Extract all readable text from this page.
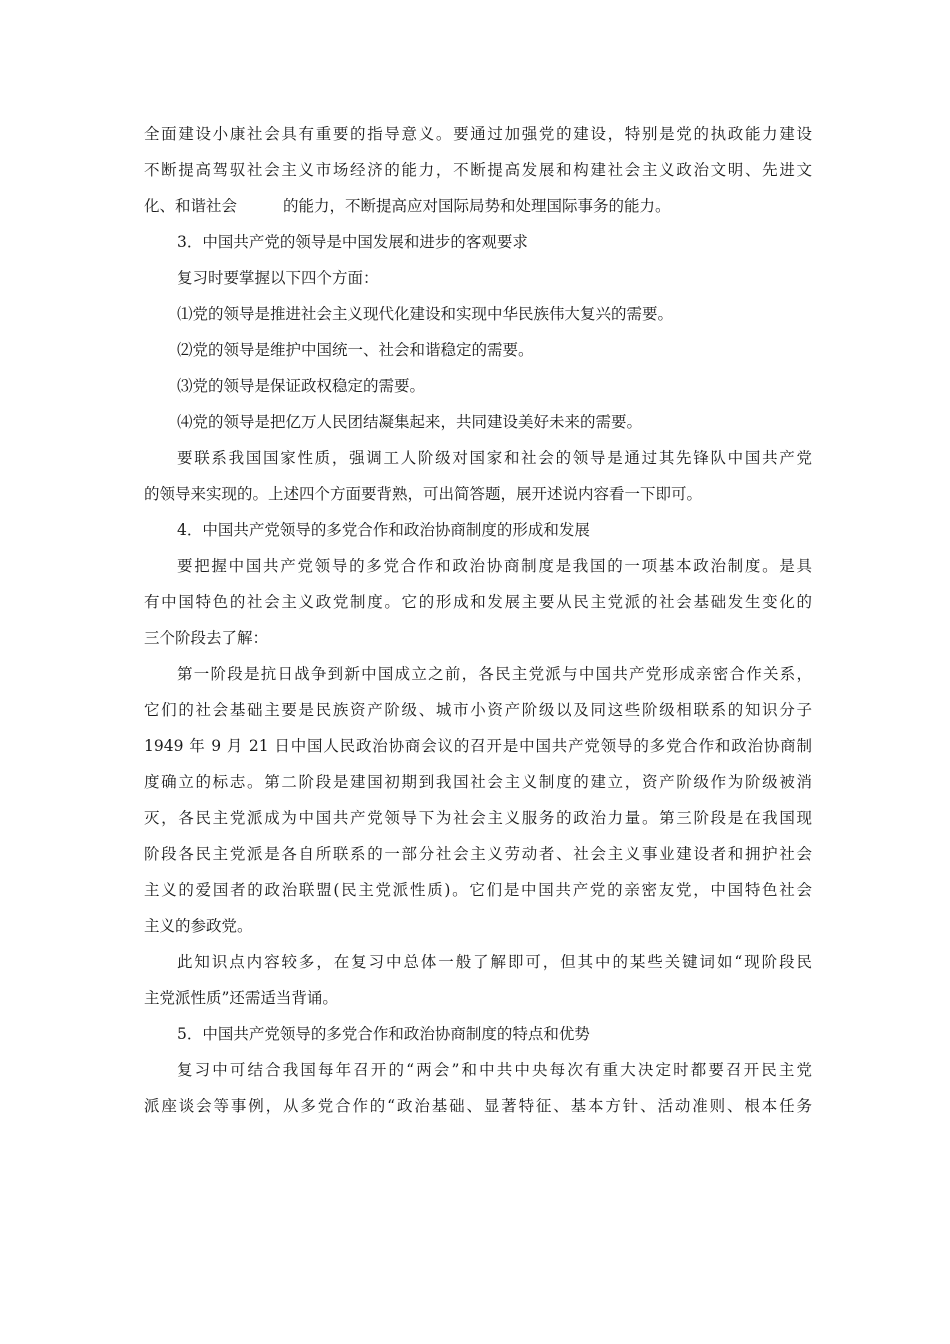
全面建设小康社会具有重要的指导意义。要通过加强党的建设，特别是党的执政能力建设
不断提高驾驭社会主义市场经济的能力，不断提高发展和构建社会主义政治文明、先进文
化、和谐社会	的能力，不断提高应对国际局势和处理国际事务的能力。
3．中国共产党的领导是中国发展和进步的客观要求
复习时要掌握以下四个方面：
⑴党的领导是推进社会主义现代化建设和实现中华民族伟大复兴的需要。
⑵党的领导是维护中国统一、社会和谐稳定的需要。
⑶党的领导是保证政权稳定的需要。
⑷党的领导是把亿万人民团结凝集起来，共同建设美好未来的需要。
要联系我国国家性质，强调工人阶级对国家和社会的领导是通过其先锋队中国共产党
的领导来实现的。上述四个方面要背熟，可出简答题，展开述说内容看一下即可。
4．中国共产党领导的多党合作和政治协商制度的形成和发展
要把握中国共产党领导的多党合作和政治协商制度是我国的一项基本政治制度。是具
有中国特色的社会主义政党制度。它的形成和发展主要从民主党派的社会基础发生变化的
三个阶段去了解：
第一阶段是抗日战争到新中国成立之前，各民主党派与中国共产党形成亲密合作关系，
它们的社会基础主要是民族资产阶级、城市小资产阶级以及同这些阶级相联系的知识分子
1949 年 9 月 21 日中国人民政治协商会议的召开是中国共产党领导的多党合作和政治协商制
度确立的标志。第二阶段是建国初期到我国社会主义制度的建立，资产阶级作为阶级被消
灭，各民主党派成为中国共产党领导下为社会主义服务的政治力量。第三阶段是在我国现
阶段各民主党派是各自所联系的一部分社会主义劳动者、社会主义事业建设者和拥护社会
主义的爱国者的政治联盟(民主党派性质)。它们是中国共产党的亲密友党，中国特色社会
主义的参政党。
此知识点内容较多，在复习中总体一般了解即可，但其中的某些关键词如“现阶段民
主党派性质”还需适当背诵。
5．中国共产党领导的多党合作和政治协商制度的特点和优势
复习中可结合我国每年召开的“两会”和中共中央每次有重大决定时都要召开民主党
派座谈会等事例，从多党合作的“政治基础、显著特征、基本方针、活动准则、根本任务
